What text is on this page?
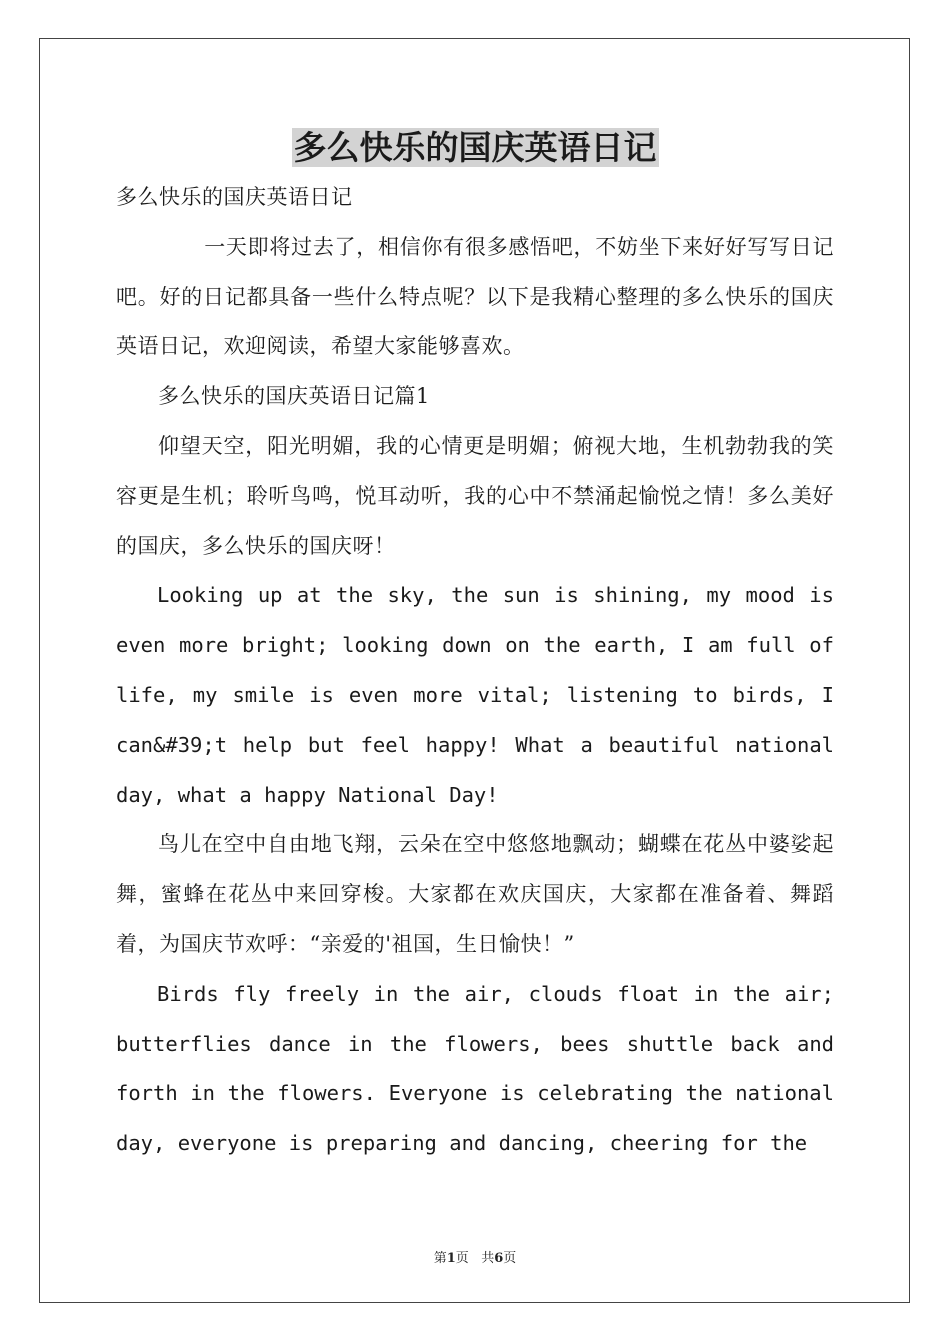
多么快乐的国庆英语日记

多么快乐的国庆英语日记

一天即将过去了，相信你有很多感悟吧，不妨坐下来好好写写日记吧。好的日记都具备一些什么特点呢？以下是我精心整理的多么快乐的国庆英语日记，欢迎阅读，希望大家能够喜欢。

多么快乐的国庆英语日记篇1

仰望天空，阳光明媚，我的心情更是明媚；俯视大地，生机勃勃我的笑容更是生机；聆听鸟鸣，悦耳动听，我的心中不禁涌起愉悦之情！多么美好的国庆，多么快乐的国庆呀！

Looking up at the sky, the sun is shining, my mood is even more bright; looking down on the earth, I am full of life, my smile is even more vital; listening to birds, I can&#39;t help but feel happy! What a beautiful national day, what a happy National Day!

鸟儿在空中自由地飞翔，云朵在空中悠悠地飘动；蝴蝶在花丛中婆娑起舞，蜜蜂在花丛中来回穿梭。大家都在欢庆国庆，大家都在准备着、舞蹈着，为国庆节欢呼：“亲爱的'祖国，生日愉快！”

Birds fly freely in the air, clouds float in the air; butterflies dance in the flowers, bees shuttle back and forth in the flowers. Everyone is celebrating the national day, everyone is preparing and dancing, cheering for the

第1页 共6页
